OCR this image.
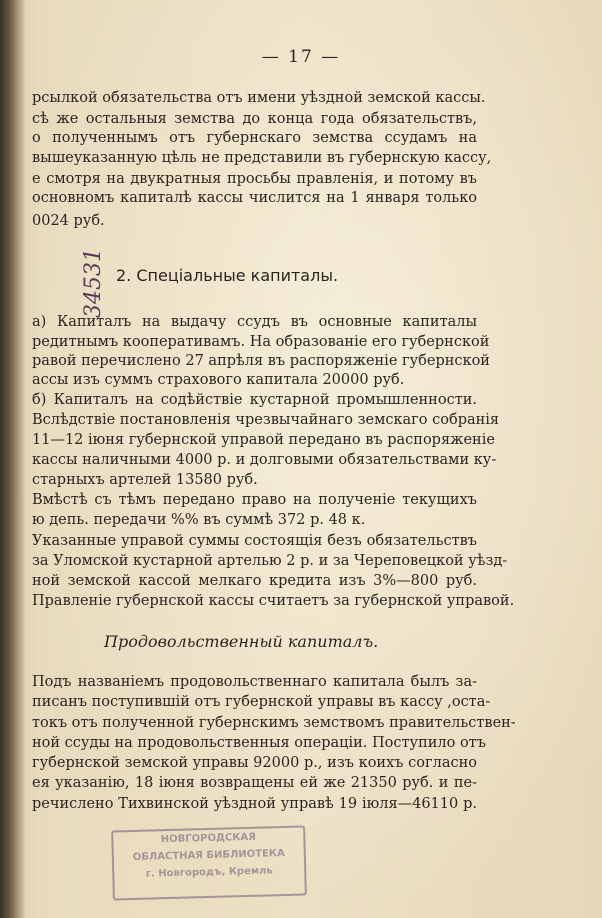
— 17 —
рсылкой обязательства отъ имени уѣздной земской кассы.
сѣ же остальныя земства до конца года обязательствъ,
о полученнымъ отъ губернскаго земства ссудамъ на
вышеуказанную цѣль не представили въ губернскую кассу,
е смотря на двукратныя просьбы правленія, и потому въ
основномъ капиталѣ кассы числится на 1 января только
0024 руб.
34531 2. Спеціальные капиталы.
а) Капиталъ на выдачу ссудъ въ основные капиталы
редитнымъ кооперативамъ. На образованіе его губернской
равой перечислено 27 апрѣля въ распоряженіе губернской
ассы изъ суммъ страхового капитала 20000 руб.
б) Капиталъ на содѣйствіе кустарной промышленности.
Вслѣдствіе постановленія чрезвычайнаго земскаго собранія
11—12 іюня губернской управой передано въ распоряженіе
кассы наличными 4000 р. и долговыми обязательствами ку-
старныхъ артелей 13580 руб.
Вмѣстѣ съ тѣмъ передано право на полученіе текущихъ
ю депь. передачи %% въ суммѣ 372 р. 48 к.
Указанные управой суммы состоящія безъ обязательствъ
за Уломской кустарной артелью 2 р. и за Череповецкой уѣзд-
ной земской кассой мелкаго кредита изъ 3%—800 руб.
Правленіе губернской кассы считаетъ за губернской управой.
Продовольственный капиталъ.
Подъ названіемъ продовольственнаго капитала былъ за-
писанъ поступившій отъ губернской управы въ кассу ,оста-
токъ отъ полученной губернскимъ земствомъ правительствен-
ной ссуды на продовольственныя операціи. Поступило отъ
губернской земской управы 92000 р., изъ коихъ согласно
ея указанію, 18 іюня возвращены ей же 21350 руб. и пе-
речислено Тихвинской уѣздной управѣ 19 іюля—46110 р.
НОВГОРОДСКАЯ
ОБЛАСТНАЯ БИБЛИОТЕКА
г. Новгородъ, Кремль
